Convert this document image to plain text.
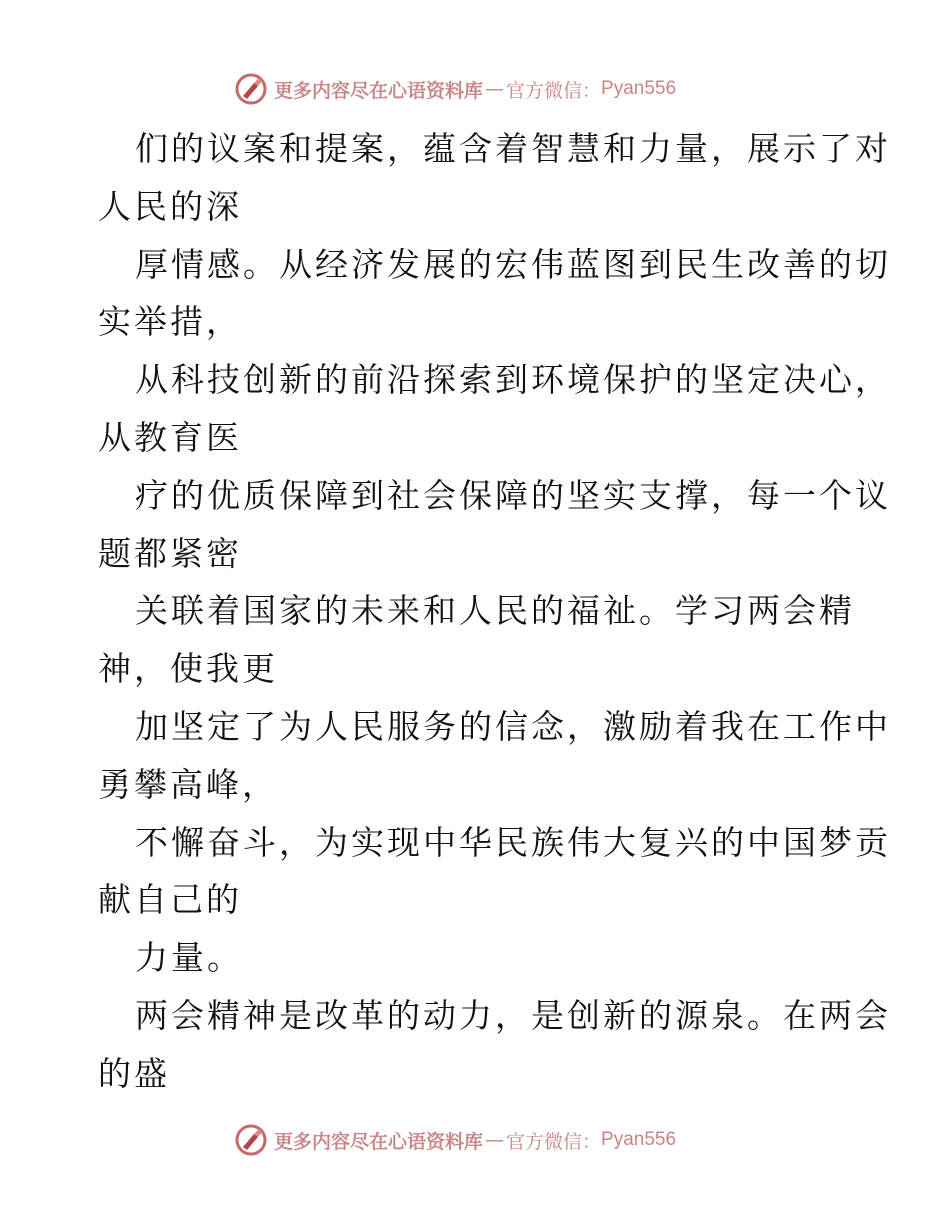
更多内容尽在心语资料库 — 官方微信： Pyan556
们的议案和提案，蕴含着智慧和力量，展示了对
人民的深
厚情感。从经济发展的宏伟蓝图到民生改善的切
实举措，
从科技创新的前沿探索到环境保护的坚定决心，
从教育医
疗的优质保障到社会保障的坚实支撑，每一个议
题都紧密
关联着国家的未来和人民的福祉。学习两会精
神，使我更
加坚定了为人民服务的信念，激励着我在工作中
勇攀高峰，
不懈奋斗，为实现中华民族伟大复兴的中国梦贡
献自己的
力量。
两会精神是改革的动力，是创新的源泉。在两会
的盛
更多内容尽在心语资料库 — 官方微信： Pyan556
